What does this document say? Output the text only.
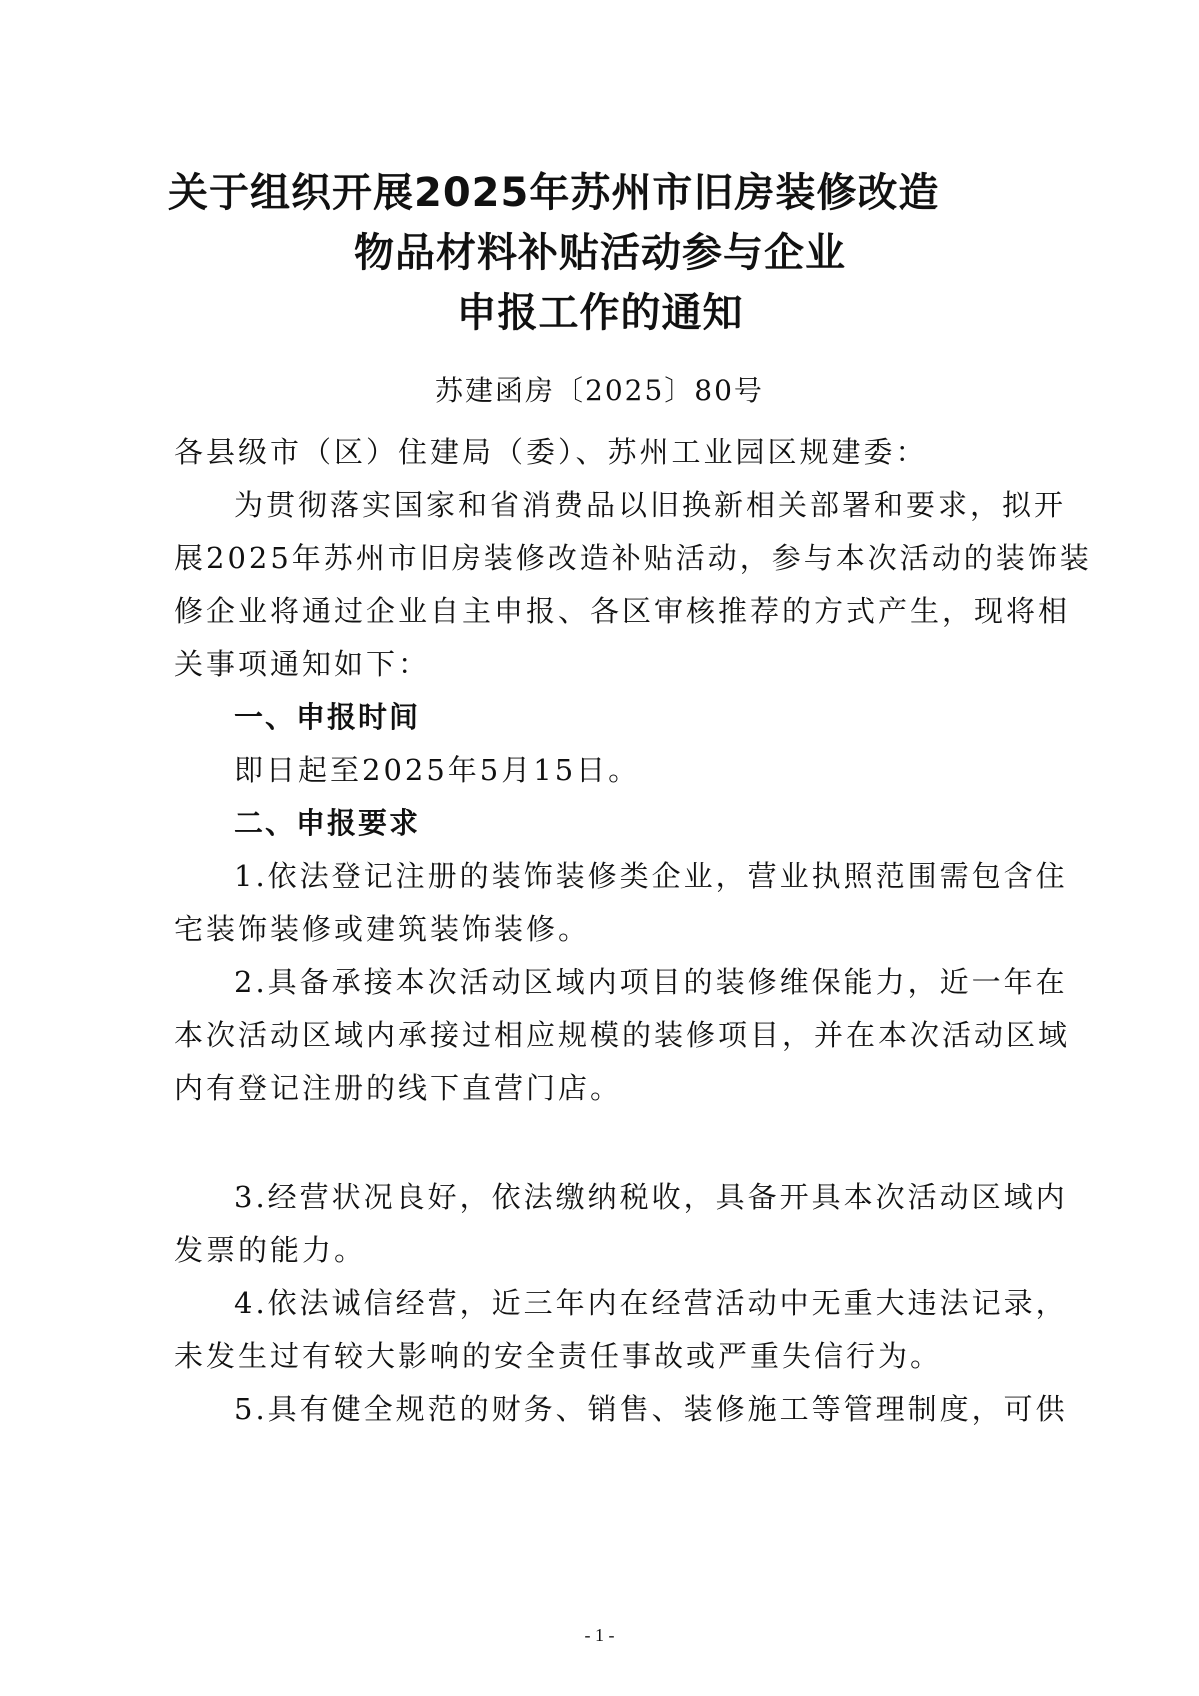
关于组织开展2025年苏州市旧房装修改造
物品材料补贴活动参与企业
申报工作的通知
苏建函房〔2025〕80号
各县级市（区）住建局（委）、苏州工业园区规建委：
为贯彻落实国家和省消费品以旧换新相关部署和要求，拟开
展2025年苏州市旧房装修改造补贴活动，参与本次活动的装饰装
修企业将通过企业自主申报、各区审核推荐的方式产生，现将相
关事项通知如下：
一、申报时间
即日起至2025年5月15日。
二、申报要求
1.依法登记注册的装饰装修类企业，营业执照范围需包含住
宅装饰装修或建筑装饰装修。
2.具备承接本次活动区域内项目的装修维保能力，近一年在
本次活动区域内承接过相应规模的装修项目，并在本次活动区域
内有登记注册的线下直营门店。
3.经营状况良好，依法缴纳税收，具备开具本次活动区域内
发票的能力。
4.依法诚信经营，近三年内在经营活动中无重大违法记录，
未发生过有较大影响的安全责任事故或严重失信行为。
5.具有健全规范的财务、销售、装修施工等管理制度，可供
- 1 -
